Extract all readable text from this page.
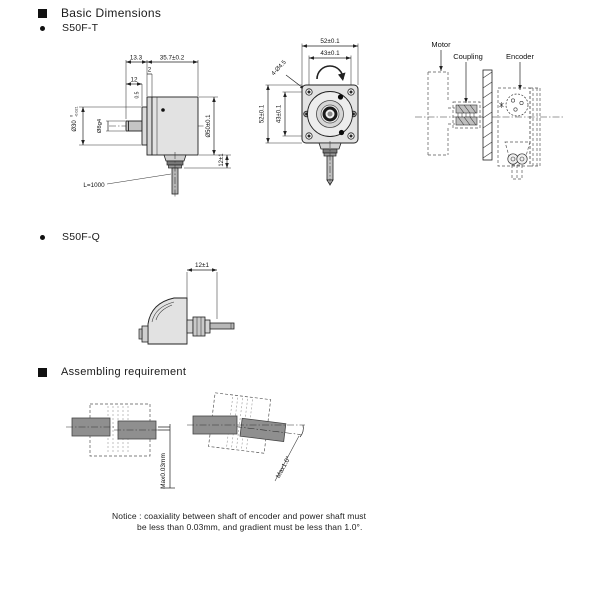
Basic Dimensions
S50F-T
13.3	35.7±0.2
2
12
0.5
Ø30
0 -0.021
Ø8g4	Ø50±0.1
12±1
L=1000
52±0.1
43±0.1
4-Ø4.5
52±0.1 43±0.1
Motor
Coupling	Encoder
S50F-Q
12±1
Assembling requirement
Max0.03mm	Max1.0°
Notice : coaxiality between shaft of encoder and power shaft must
be less than 0.03mm, and gradient must be less than 1.0°.
